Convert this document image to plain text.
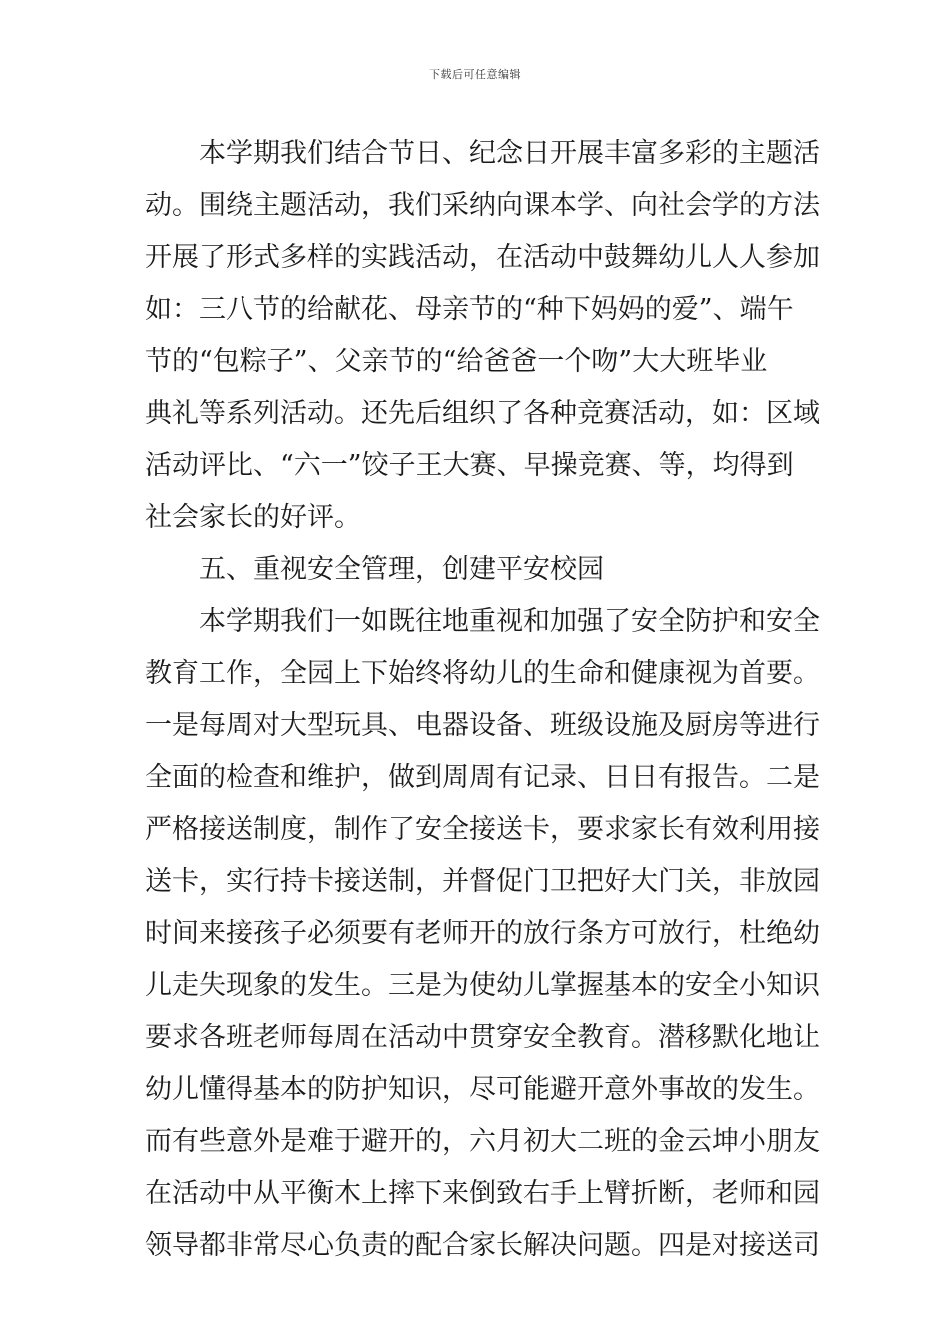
下载后可任意编辑
本学期我们结合节日、纪念日开展丰富多彩的主题活
动。围绕主题活动，我们采纳向课本学、向社会学的方法
开展了形式多样的实践活动，在活动中鼓舞幼儿人人参加
如：三八节的给献花、母亲节的“种下妈妈的爱”、端午
节的“包粽子”、父亲节的“给爸爸一个吻”大大班毕业
典礼等系列活动。还先后组织了各种竞赛活动，如：区域
活动评比、“六一”饺子王大赛、早操竞赛、等，均得到
社会家长的好评。
五、重视安全管理，创建平安校园
本学期我们一如既往地重视和加强了安全防护和安全
教育工作，全园上下始终将幼儿的生命和健康视为首要。
一是每周对大型玩具、电器设备、班级设施及厨房等进行
全面的检查和维护，做到周周有记录、日日有报告。二是
严格接送制度，制作了安全接送卡，要求家长有效利用接
送卡，实行持卡接送制，并督促门卫把好大门关，非放园
时间来接孩子必须要有老师开的放行条方可放行，杜绝幼
儿走失现象的发生。三是为使幼儿掌握基本的安全小知识
要求各班老师每周在活动中贯穿安全教育。潜移默化地让
幼儿懂得基本的防护知识，尽可能避开意外事故的发生。
而有些意外是难于避开的，六月初大二班的金云坤小朋友
在活动中从平衡木上摔下来倒致右手上臂折断，老师和园
领导都非常尽心负责的配合家长解决问题。四是对接送司
